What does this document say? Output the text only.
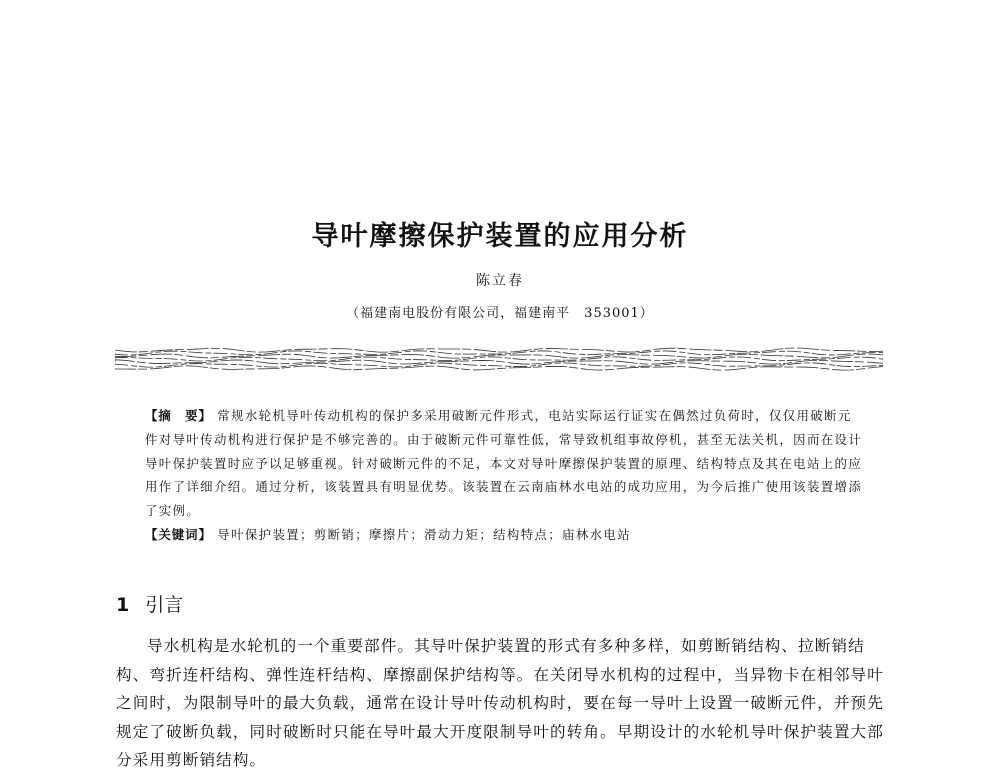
导叶摩擦保护装置的应用分析
陈立春
（福建南电股份有限公司，福建南平　353001）

【摘　要】 常规水轮机导叶传动机构的保护多采用破断元件形式，电站实际运行证实在偶然过负荷时，仅仅用破断元件对导叶传动机构进行保护是不够完善的。由于破断元件可靠性低，常导致机组事故停机，甚至无法关机，因而在设计导叶保护装置时应予以足够重视。针对破断元件的不足，本文对导叶摩擦保护装置的原理、结构特点及其在电站上的应用作了详细介绍。通过分析，该装置具有明显优势。该装置在云南庙林水电站的成功应用，为今后推广使用该装置增添了实例。

【关键词】 导叶保护装置；剪断销；摩擦片；滑动力矩；结构特点；庙林水电站

1 引言

导水机构是水轮机的一个重要部件。其导叶保护装置的形式有多种多样，如剪断销结构、拉断销结构、弯折连杆结构、弹性连杆结构、摩擦副保护结构等。在关闭导水机构的过程中，当异物卡在相邻导叶之间时，为限制导叶的最大负载，通常在设计导叶传动机构时，要在每一导叶上设置一破断元件，并预先规定了破断负载，同时破断时只能在导叶最大开度限制导叶的转角。早期设计的水轮机导叶保护装置大部分采用剪断销结构。
